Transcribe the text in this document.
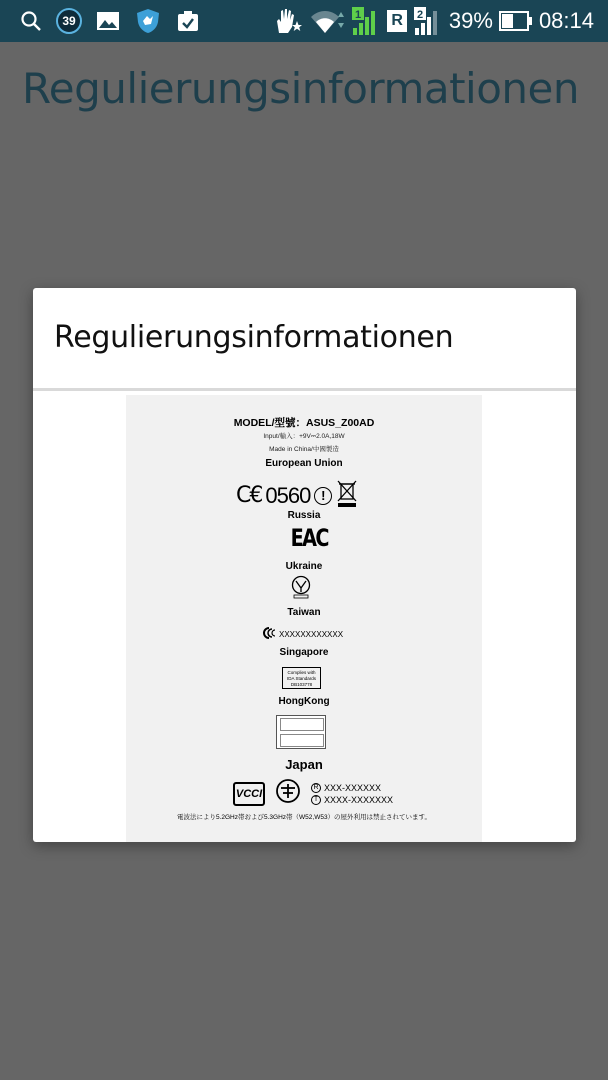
39	1 R	2 39% 08:14
Regulierungsinformationen
Regulierungsinformationen
MODEL/型號：ASUS_Z00AD
Input/輸入：+9V⎓2.0A,18W
Made in China/中國製造
European Union
C€ 0560 !
Russia
EAC
Ukraine
Taiwan
XXXXXXXXXXXX
Singapore
Complies with
IDA Standards
DB103778
HongKong
Japan
VCCI	R XXX-XXXXXX
T XXXX-XXXXXXX
電波法により5.2GHz帯および5.3GHz帯（W52,W53）の屋外利用は禁止されています。
